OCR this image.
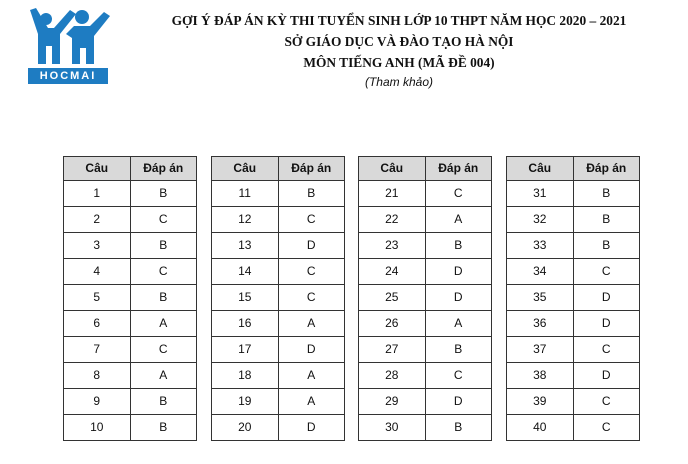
HOCMAI
GỢI Ý ĐÁP ÁN KỲ THI TUYỂN SINH LỚP 10 THPT NĂM HỌC 2020 – 2021
SỞ GIÁO DỤC VÀ ĐÀO TẠO HÀ NỘI
MÔN TIẾNG ANH (MÃ ĐỀ 004)
(Tham khảo)
Câu	Đáp án
1	B
2	C
3	B
4	C
5	B
6	A
7	C
8	A
9	B
10	B
Câu	Đáp án
11	B
12	C
13	D
14	C
15	C
16	A
17	D
18	A
19	A
20	D
Câu	Đáp án
21	C
22	A
23	B
24	D
25	D
26	A
27	B
28	C
29	D
30	B
Câu	Đáp án
31	B
32	B
33	B
34	C
35	D
36	D
37	C
38	D
39	C
40	C
